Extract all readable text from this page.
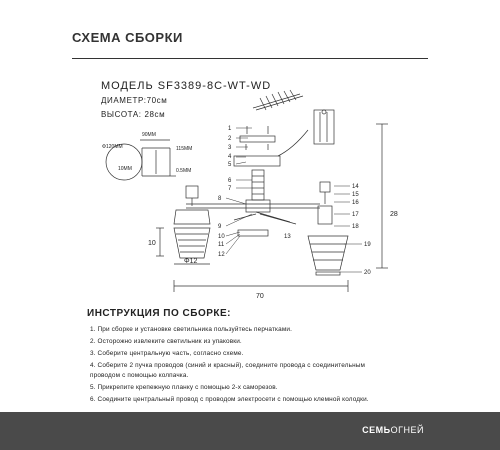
СХЕМА СБОРКИ
МОДЕЛЬ SF3389-8C-WT-WD
ДИАМЕТР:70см
ВЫСОТА: 28см
1
2
3
4
5
6
7
8
9
10
11
12
13
14
15
16
17
18
19
20
Φ120MM
90MM
115MM
10MM	0.5MM
10
Φ12
70
28
ИНСТРУКЦИЯ ПО СБОРКЕ:
1. При сборке и установке светильника пользуйтесь перчатками.
2. Осторожно извлеките светильник из упаковки.
3. Соберите центральную часть, согласно схеме.
4. Соберите 2 пучка проводов (синий и красный), соедините провода с соединительным
проводом с помощью колпачка.
5. Прикрепите крепежную планку с помощью 2-х саморезов.
6. Соедините центральный провод с проводом электросети с помощью клемной колодки.
СЕМЬОГНЕЙ
